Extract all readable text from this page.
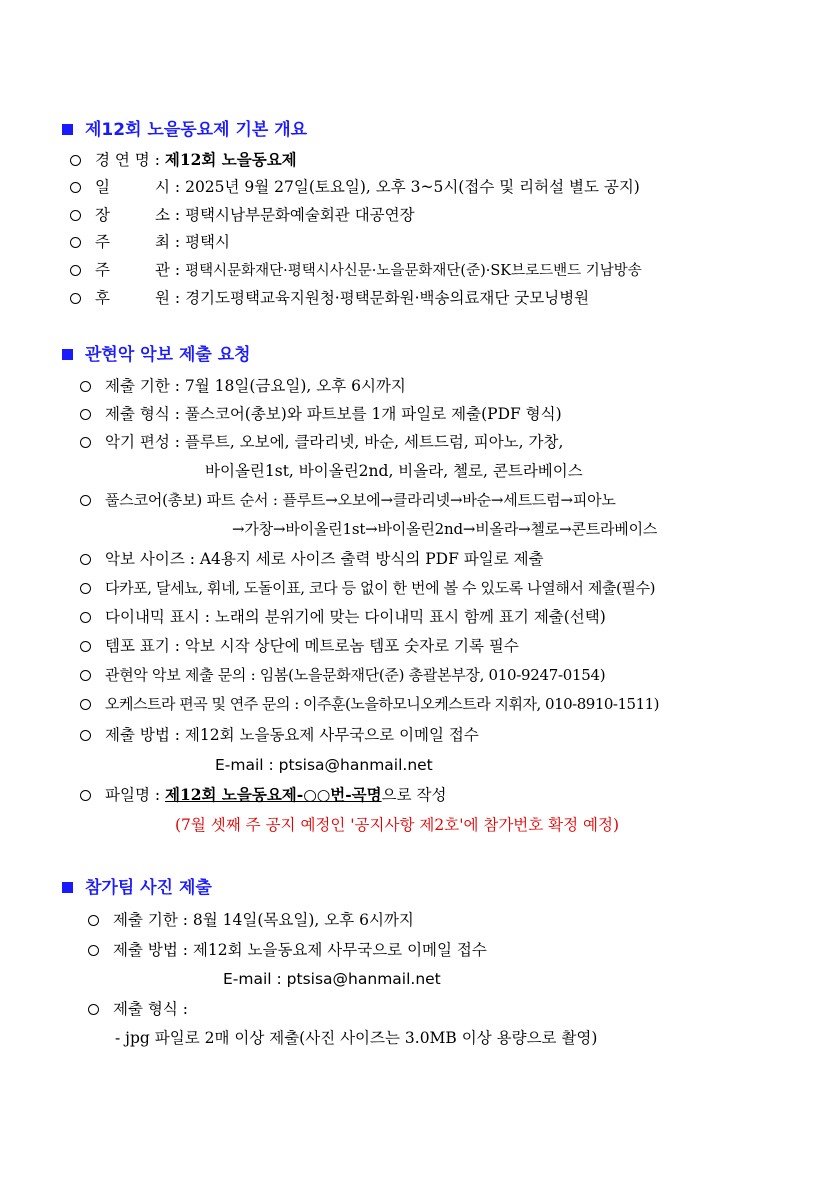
제12회 노을동요제 기본 개요
경 연 명 : 제12회 노을동요제
일 시 : 2025년 9월 27일(토요일), 오후 3~5시(접수 및 리허설 별도 공지)
장 소 : 평택시남부문화예술회관 대공연장
주 최 : 평택시
주 관 : 평택시문화재단·평택시사신문·노을문화재단(준)·SK브로드밴드 기남방송
후 원 : 경기도평택교육지원청·평택문화원·백송의료재단 굿모닝병원
관현악 악보 제출 요청
제출 기한 : 7월 18일(금요일), 오후 6시까지
제출 형식 : 풀스코어(총보)와 파트보를 1개 파일로 제출(PDF 형식)
악기 편성 : 플루트, 오보에, 클라리넷, 바순, 세트드럼, 피아노, 가창,
바이올린1st, 바이올린2nd, 비올라, 첼로, 콘트라베이스
풀스코어(총보) 파트 순서 : 플루트→오보에→클라리넷→바순→세트드럼→피아노
→가창→바이올린1st→바이올린2nd→비올라→첼로→콘트라베이스
악보 사이즈 : A4용지 세로 사이즈 출력 방식의 PDF 파일로 제출
다카포, 달세뇨, 휘네, 도돌이표, 코다 등 없이 한 번에 볼 수 있도록 나열해서 제출(필수)
다이내믹 표시 : 노래의 분위기에 맞는 다이내믹 표시 함께 표기 제출(선택)
템포 표기 : 악보 시작 상단에 메트로놈 템포 숫자로 기록 필수
관현악 악보 제출 문의 : 임봄(노을문화재단(준) 총괄본부장, 010-9247-0154)
오케스트라 편곡 및 연주 문의 : 이주훈(노을하모니오케스트라 지휘자, 010-8910-1511)
제출 방법 : 제12회 노을동요제 사무국으로 이메일 접수
E-mail : ptsisa@hanmail.net
파일명 : 제12회 노을동요제-○○번-곡명으로 작성
(7월 셋째 주 공지 예정인 '공지사항 제2호'에 참가번호 확정 예정)
참가팀 사진 제출
제출 기한 : 8월 14일(목요일), 오후 6시까지
제출 방법 : 제12회 노을동요제 사무국으로 이메일 접수
E-mail : ptsisa@hanmail.net
제출 형식 :
- jpg 파일로 2매 이상 제출(사진 사이즈는 3.0MB 이상 용량으로 촬영)
